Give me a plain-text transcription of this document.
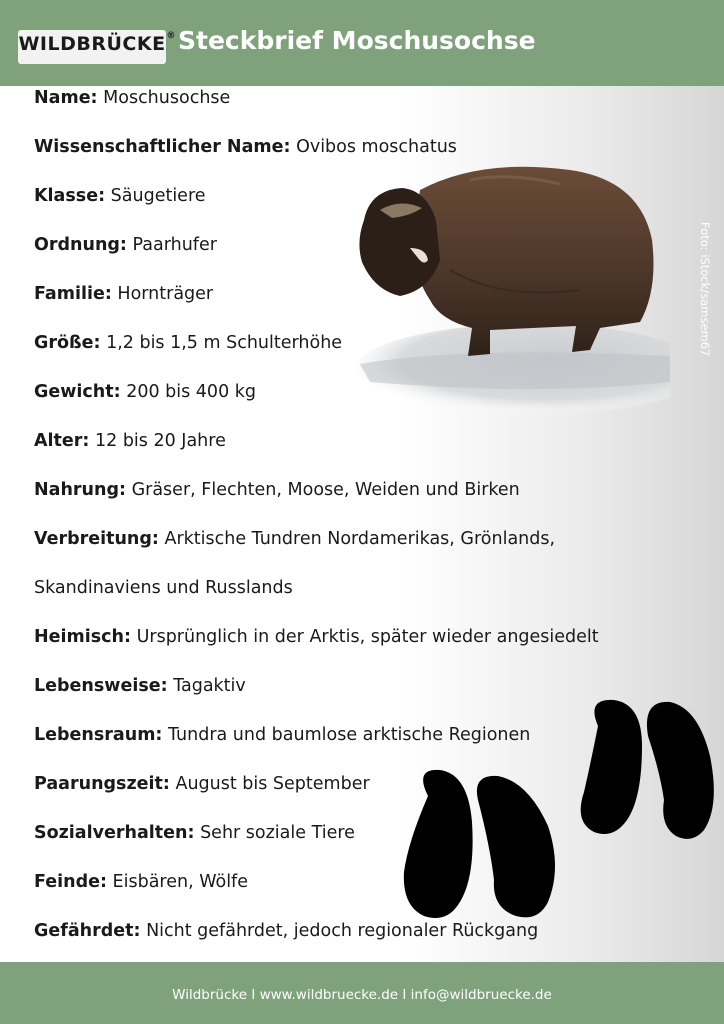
WILDBRÜCKE ® Steckbrief Moschusochse
Name: Moschusochse
Wissenschaftlicher Name: Ovibos moschatus
Klasse: Säugetiere
Ordnung: Paarhufer
Familie: Hornträger
Größe: 1,2 bis 1,5 m Schulterhöhe
Gewicht: 200 bis 400 kg
Alter: 12 bis 20 Jahre
Nahrung: Gräser, Flechten, Moose, Weiden und Birken
Verbreitung: Arktische Tundren Nordamerikas, Grönlands,
Skandinaviens und Russlands
Heimisch: Ursprünglich in der Arktis, später wieder angesiedelt
Lebensweise: Tagaktiv
Lebensraum: Tundra und baumlose arktische Regionen
Paarungszeit: August bis September
Sozialverhalten: Sehr soziale Tiere
Feinde: Eisbären, Wölfe
Gefährdet: Nicht gefährdet, jedoch regionaler Rückgang
Foto: iStock/samsem67
Wildbrücke I www.wildbruecke.de I info@wildbruecke.de
